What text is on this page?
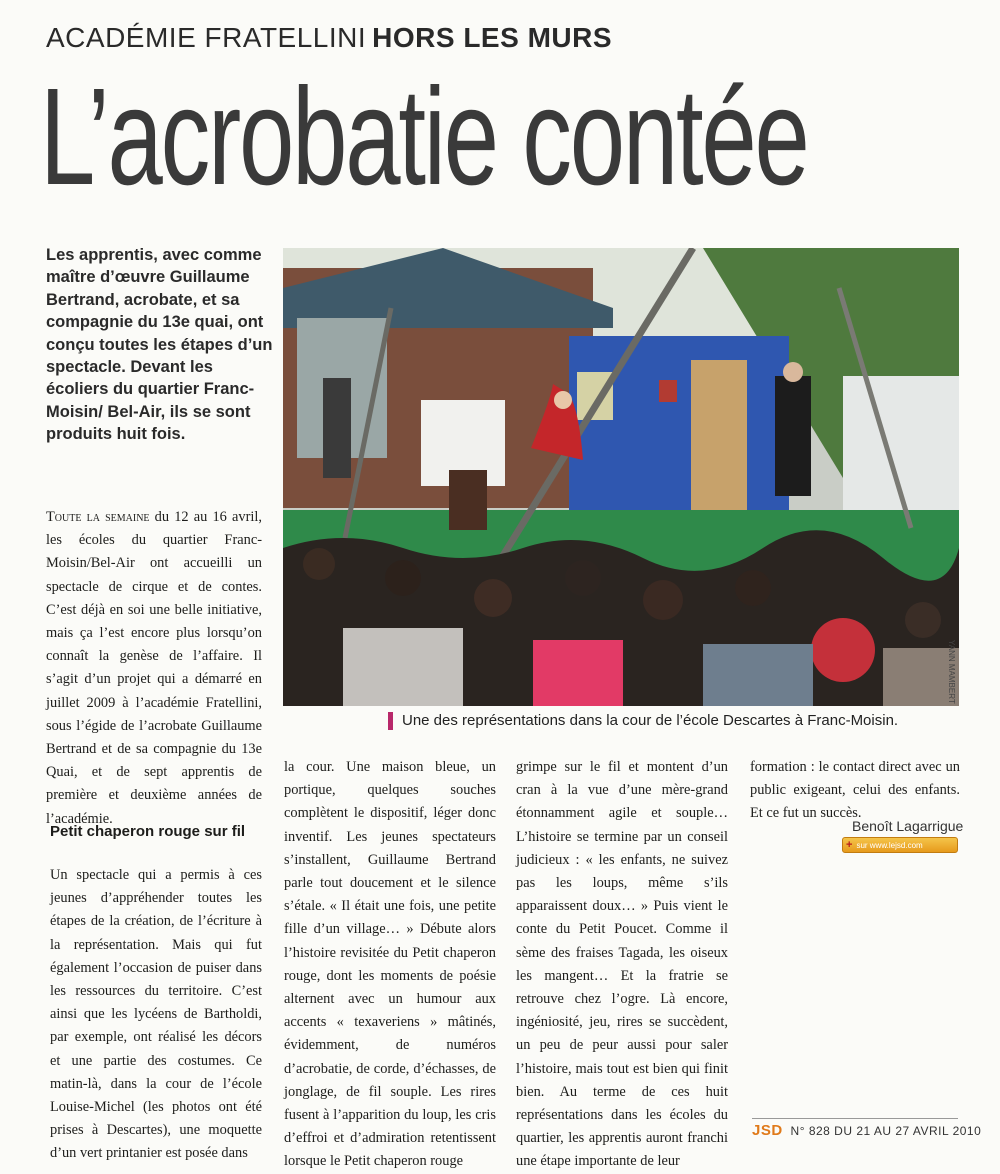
ACADÉMIE FRATELLINI HORS LES MURS
L’acrobatie contée

Les apprentis, avec comme maître d’œuvre Guillaume Bertrand, acrobate, et sa compagnie du 13e quai, ont conçu toutes les étapes d’un spectacle. Devant les écoliers du quartier Franc-Moisin/ Bel-Air, ils se sont produits huit fois.

Toute la semaine du 12 au 16 avril, les écoles du quartier Franc-Moisin/Bel-Air ont accueilli un spectacle de cirque et de contes. C’est déjà en soi une belle initiative, mais ça l’est encore plus lorsqu’on connaît la genèse de l’affaire. Il s’agit d’un projet qui a démarré en juillet 2009 à l’académie Fratellini, sous l’égide de l’acrobate Guillaume Bertrand et de sa compagnie du 13e Quai, et de sept apprentis de première et deuxième années de l’académie.

Petit chaperon rouge sur fil
Un spectacle qui a permis à ces jeunes d’appréhender toutes les étapes de la création, de l’écriture à la représentation. Mais qui fut également l’occasion de puiser dans les ressources du territoire. C’est ainsi que les lycéens de Bartholdi, par exemple, ont réalisé les décors et une partie des costumes. Ce matin-là, dans la cour de l’école Louise-Michel (les photos ont été prises à Descartes), une moquette d’un vert printanier est posée dans
la cour. Une maison bleue, un portique, quelques souches complètent le dispositif, léger donc inventif. Les jeunes spectateurs s’installent, Guillaume Bertrand parle tout doucement et le silence s’étale. « Il était une fois, une petite fille d’un village… » Débute alors l’histoire revisitée du Petit chaperon rouge, dont les moments de poésie alternent avec un humour aux accents « texaveriens » mâtinés, évidemment, de numéros d’acrobatie, de corde, d’échasses, de jonglage, de fil souple. Les rires fusent à l’apparition du loup, les cris d’effroi et d’admiration retentissent lorsque le Petit chaperon rouge
grimpe sur le fil et montent d’un cran à la vue d’une mère-grand étonnamment agile et souple… L’histoire se termine par un conseil judicieux : « les enfants, ne suivez pas les loups, même s’ils apparaissent doux… » Puis vient le conte du Petit Poucet. Comme il sème des fraises Tagada, les oiseux les mangent… Et la fratrie se retrouve chez l’ogre. Là encore, ingéniosité, jeu, rires se succèdent, un peu de peur aussi pour saler l’histoire, mais tout est bien qui finit bien. Au terme de ces huit représentations dans les écoles du quartier, les apprentis auront franchi une étape importante de leur
formation : le contact direct avec un public exigeant, celui des enfants. Et ce fut un succès.
YANN MAMBERT
Une des représentations dans la cour de l’école Descartes à Franc-Moisin.
Benoît Lagarrigue
+ sur www.lejsd.com
JSD N° 828 DU 21 AU 27 AVRIL 2010
